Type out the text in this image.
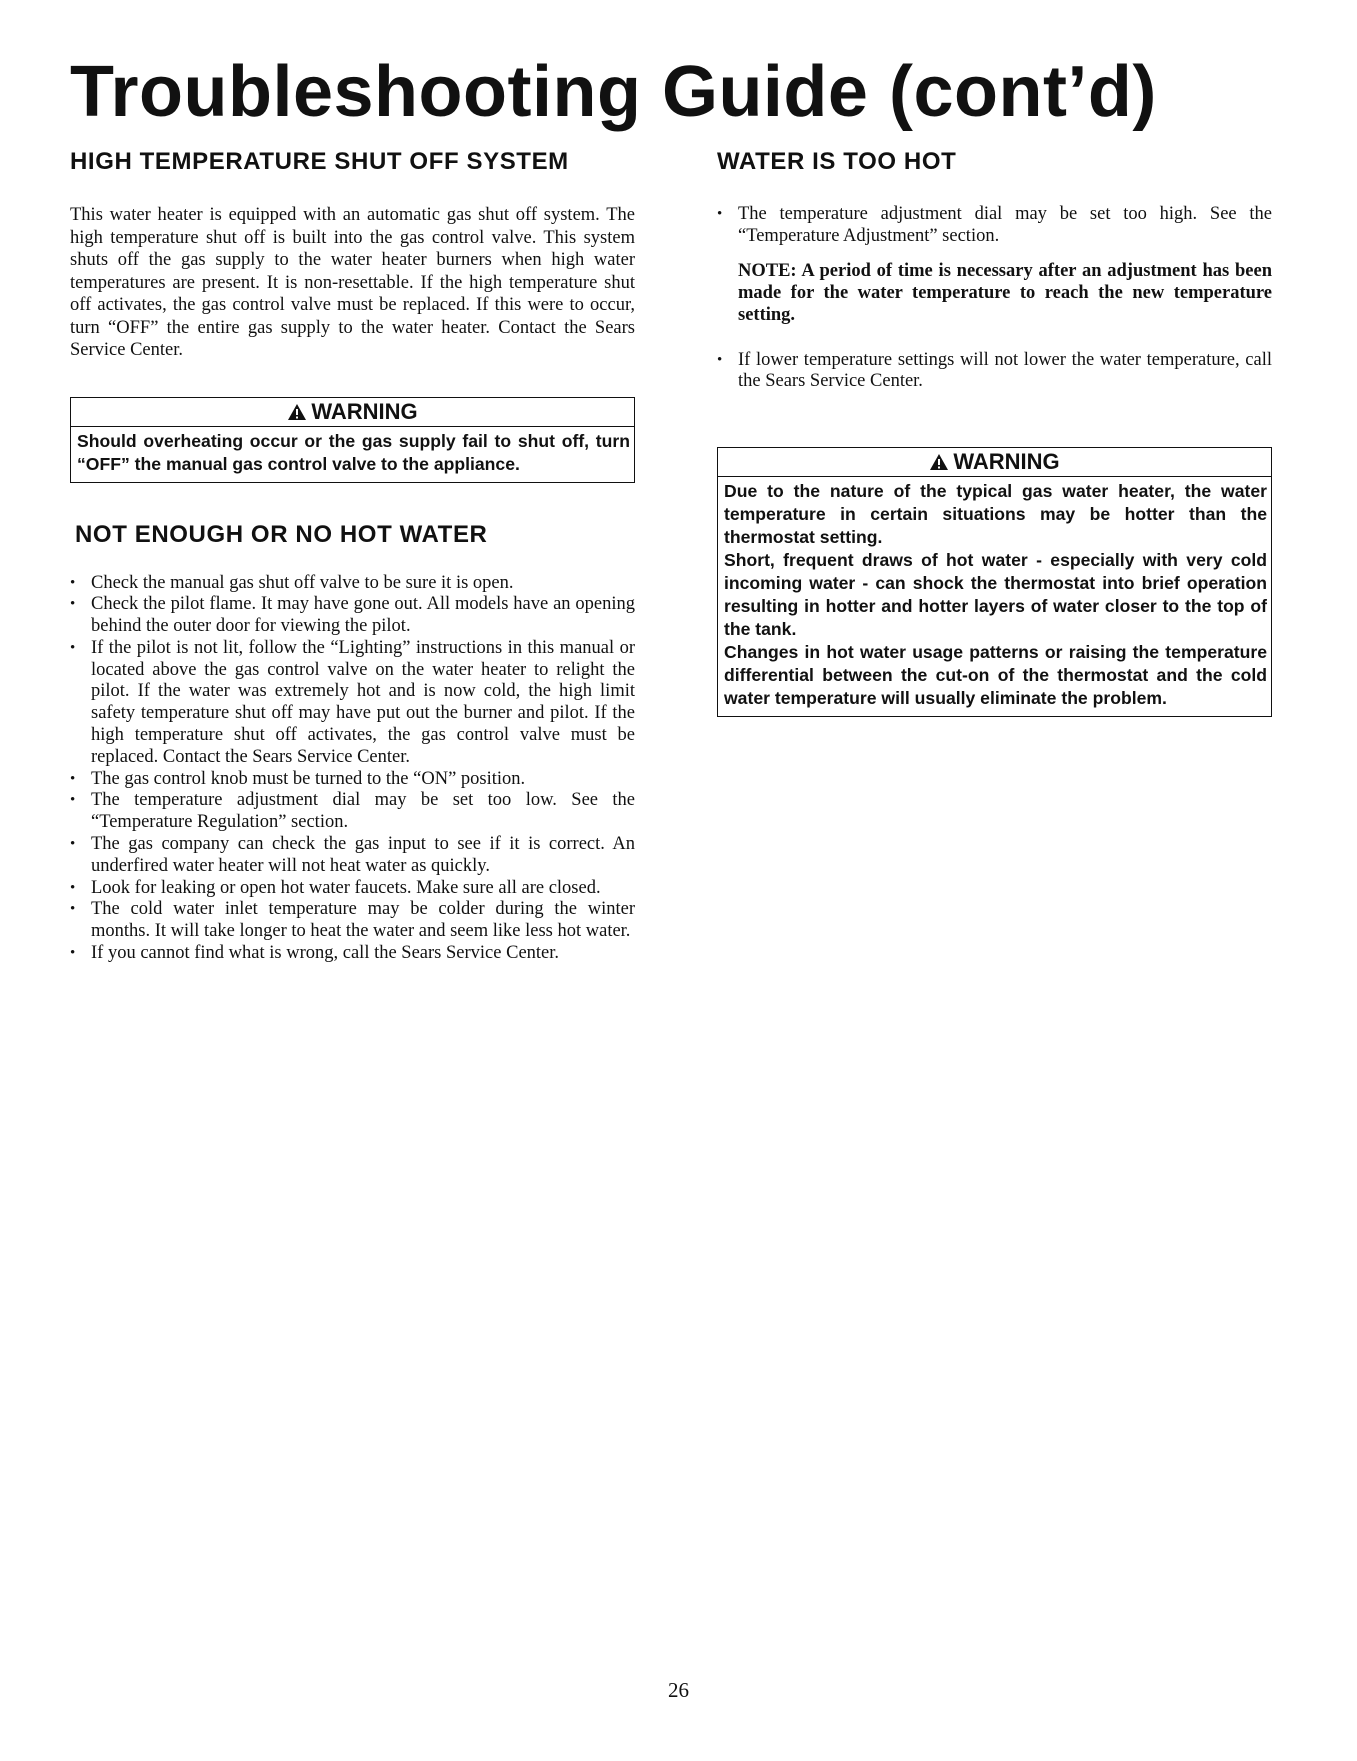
Troubleshooting Guide (cont’d)
HIGH TEMPERATURE SHUT OFF SYSTEM

This water heater is equipped with an automatic gas shut off system. The high temperature shut off is built into the gas control valve. This system shuts off the gas supply to the water heater burners when high water temperatures are present. It is non-resettable. If the high temperature shut off activates, the gas control valve must be replaced. If this were to occur, turn “OFF” the entire gas supply to the water heater. Contact the Sears Service Center.

WARNING

Should overheating occur or the gas supply fail to shut off, turn “OFF” the manual gas control valve to the appliance.

NOT ENOUGH OR NO HOT WATER
• Check the manual gas shut off valve to be sure it is open.
• Check the pilot flame. It may have gone out. All models have an opening behind the outer door for viewing the pilot.
• If the pilot is not lit, follow the “Lighting” instructions in this manual or located above the gas control valve on the water heater to relight the pilot. If the water was extremely hot and is now cold, the high limit safety temperature shut off may have put out the burner and pilot. If the high temperature shut off activates, the gas control valve must be replaced. Contact the Sears Service Center.
• The gas control knob must be turned to the “ON” position.
• The temperature adjustment dial may be set too low. See the “Temperature Regulation” section.
• The gas company can check the gas input to see if it is correct. An underfired water heater will not heat water as quickly.
• Look for leaking or open hot water faucets. Make sure all are closed.
• The cold water inlet temperature may be colder during the winter months. It will take longer to heat the water and seem like less hot water.
• If you cannot find what is wrong, call the Sears Service Center.
WATER IS TOO HOT
• The temperature adjustment dial may be set too high. See the “Temperature Adjustment” section.

NOTE: A period of time is necessary after an adjustment has been made for the water temperature to reach the new temperature setting.

• If lower temperature settings will not lower the water temperature, call the Sears Service Center.
WARNING

Due to the nature of the typical gas water heater, the water temperature in certain situations may be hotter than the thermostat setting.

Short, frequent draws of hot water - especially with very cold incoming water - can shock the thermostat into brief operation resulting in hotter and hotter layers of water closer to the top of the tank.

Changes in hot water usage patterns or raising the temperature differential between the cut-on of the thermostat and the cold water temperature will usually eliminate the problem.

26
